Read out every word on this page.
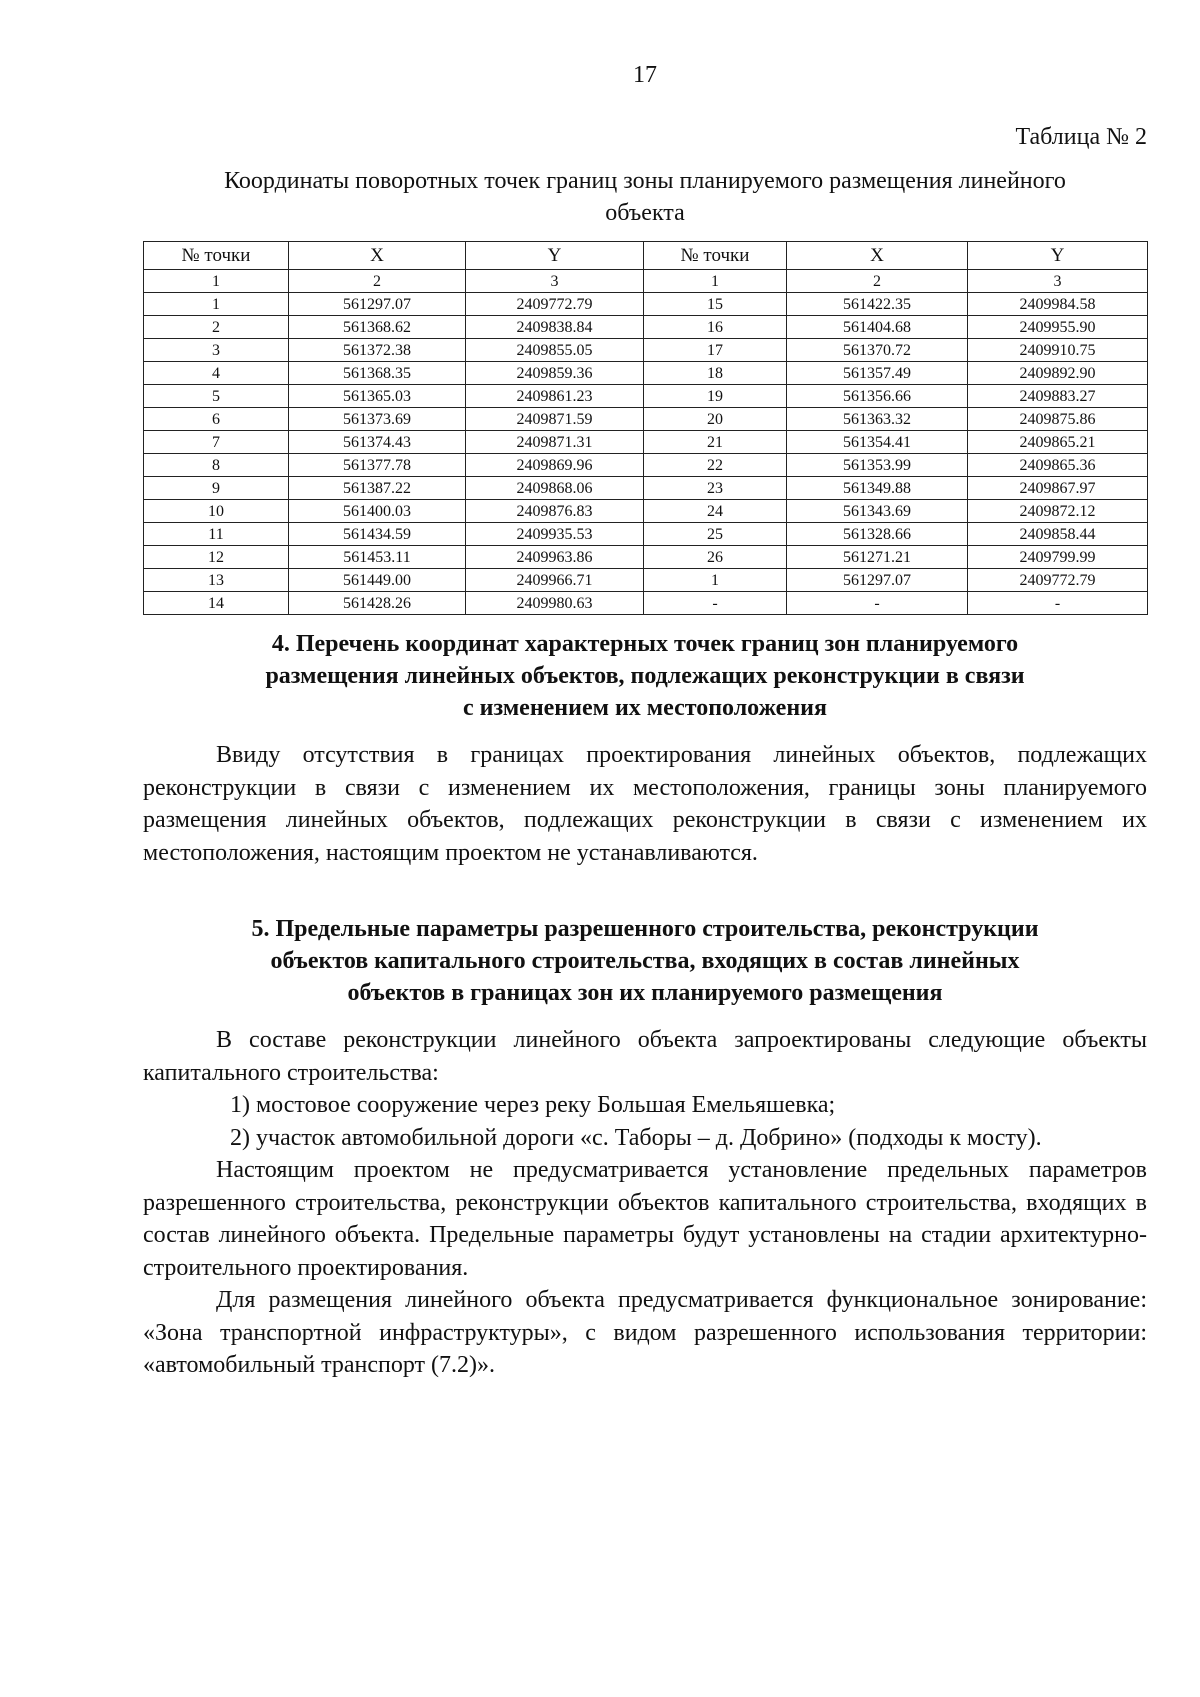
17
Таблица № 2
Координаты поворотных точек границ зоны планируемого размещения линейного
объекта
№ точки	X	Y	№ точки	X	Y
1	2	3	1	2	3
1	561297.07	2409772.79	15	561422.35	2409984.58
2	561368.62	2409838.84	16	561404.68	2409955.90
3	561372.38	2409855.05	17	561370.72	2409910.75
4	561368.35	2409859.36	18	561357.49	2409892.90
5	561365.03	2409861.23	19	561356.66	2409883.27
6	561373.69	2409871.59	20	561363.32	2409875.86
7	561374.43	2409871.31	21	561354.41	2409865.21
8	561377.78	2409869.96	22	561353.99	2409865.36
9	561387.22	2409868.06	23	561349.88	2409867.97
10	561400.03	2409876.83	24	561343.69	2409872.12
11	561434.59	2409935.53	25	561328.66	2409858.44
12	561453.11	2409963.86	26	561271.21	2409799.99
13	561449.00	2409966.71	1	561297.07	2409772.79
14	561428.26	2409980.63	-	-	-

4. Перечень координат характерных точек границ зон планируемого
размещения линейных объектов, подлежащих реконструкции в связи
с изменением их местоположения

Ввиду отсутствия в границах проектирования линейных объектов, подлежащих реконструкции в связи с изменением их местоположения, границы зоны планируемого размещения линейных объектов, подлежащих реконструкции в связи с изменением их местоположения, настоящим проектом не устанавливаются.

5. Предельные параметры разрешенного строительства, реконструкции
объектов капитального строительства, входящих в состав линейных
объектов в границах зон их планируемого размещения

В составе реконструкции линейного объекта запроектированы следующие объекты капитального строительства:

1) мостовое сооружение через реку Большая Емельяшевка;

2) участок автомобильной дороги «с. Таборы – д. Добрино» (подходы к мосту).

Настоящим проектом не предусматривается установление предельных параметров разрешенного строительства, реконструкции объектов капитального строительства, входящих в состав линейного объекта. Предельные параметры будут установлены на стадии архитектурно-строительного проектирования.

Для размещения линейного объекта предусматривается функциональное зонирование: «Зона транспортной инфраструктуры», с видом разрешенного использования территории: «автомобильный транспорт (7.2)».
